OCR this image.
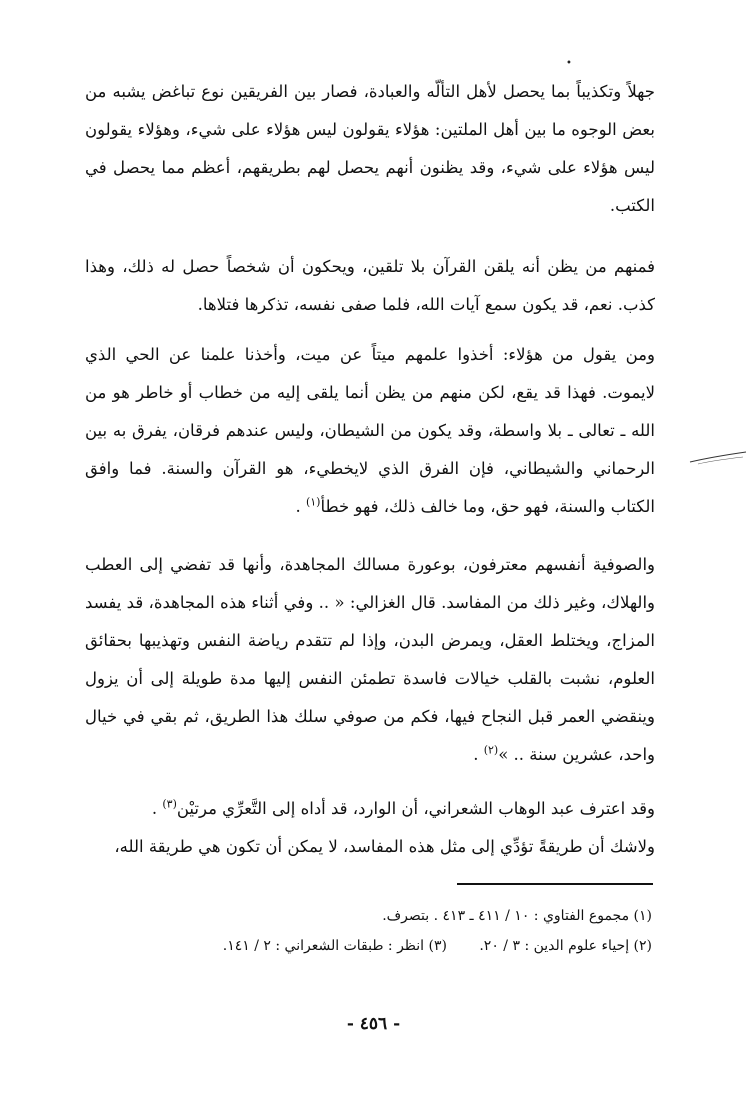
•

جهلاً وتكذيباً بما يحصل لأهل التألّه والعبادة، فصار بين الفريقين نوع تباغض يشبه من بعض الوجوه ما بين أهل الملتين: هؤلاء يقولون ليس هؤلاء على شيء، وهؤلاء يقولون ليس هؤلاء على شيء، وقد يظنون أنهم يحصل لهم بطريقهم، أعظم مما يحصل في الكتب.

فمنهم من يظن أنه يلقن القرآن بلا تلقين، ويحكون أن شخصاً حصل له ذلك، وهذا كذب. نعم، قد يكون سمع آيات الله، فلما صفى نفسه، تذكرها فتلاها.

ومن يقول من هؤلاء: أخذوا علمهم ميتاً عن ميت، وأخذنا علمنا عن الحي الذي لايموت. فهذا قد يقع، لكن منهم من يظن أنما يلقى إليه من خطاب أو خاطر هو من الله ـ تعالى ـ بلا واسطة، وقد يكون من الشيطان، وليس عندهم فرقان، يفرق به بين الرحماني والشيطاني، فإن الفرق الذي لايخطيء، هو القرآن والسنة. فما وافق الكتاب والسنة، فهو حق، وما خالف ذلك، فهو خطأ$^{(١)}$ .

والصوفية أنفسهم معترفون، بوعورة مسالك المجاهدة، وأنها قد تفضي إلى العطب والهلاك، وغير ذلك من المفاسد. قال الغزالي: « .. وفي أثناء هذه المجاهدة، قد يفسد المزاج، ويختلط العقل، ويمرض البدن، وإذا لم تتقدم رياضة النفس وتهذيبها بحقائق العلوم، نشبت بالقلب خيالات فاسدة تطمئن النفس إليها مدة طويلة إلى أن يزول وينقضي العمر قبل النجاح فيها، فكم من صوفي سلك هذا الطريق، ثم بقي في خيال واحد، عشرين سنة .. »$^{(٢)}$ .

وقد اعترف عبد الوهاب الشعراني، أن الوارد، قد أداه إلى التَّعرِّي مرتيْن$^{(٣)}$ .
ولاشك أن طريقةً تؤدِّي إلى مثل هذه المفاسد، لا يمكن أن تكون هي طريقة الله،

(١) مجموع الفتاوي : ١٠ / ٤١١ ـ ٤١٣ . بتصرف.
(٢) إحياء علوم الدين : ٣ / ٢٠.
(٣) انظر : طبقات الشعراني : ٢ / ١٤١.
- ٤٥٦ -
